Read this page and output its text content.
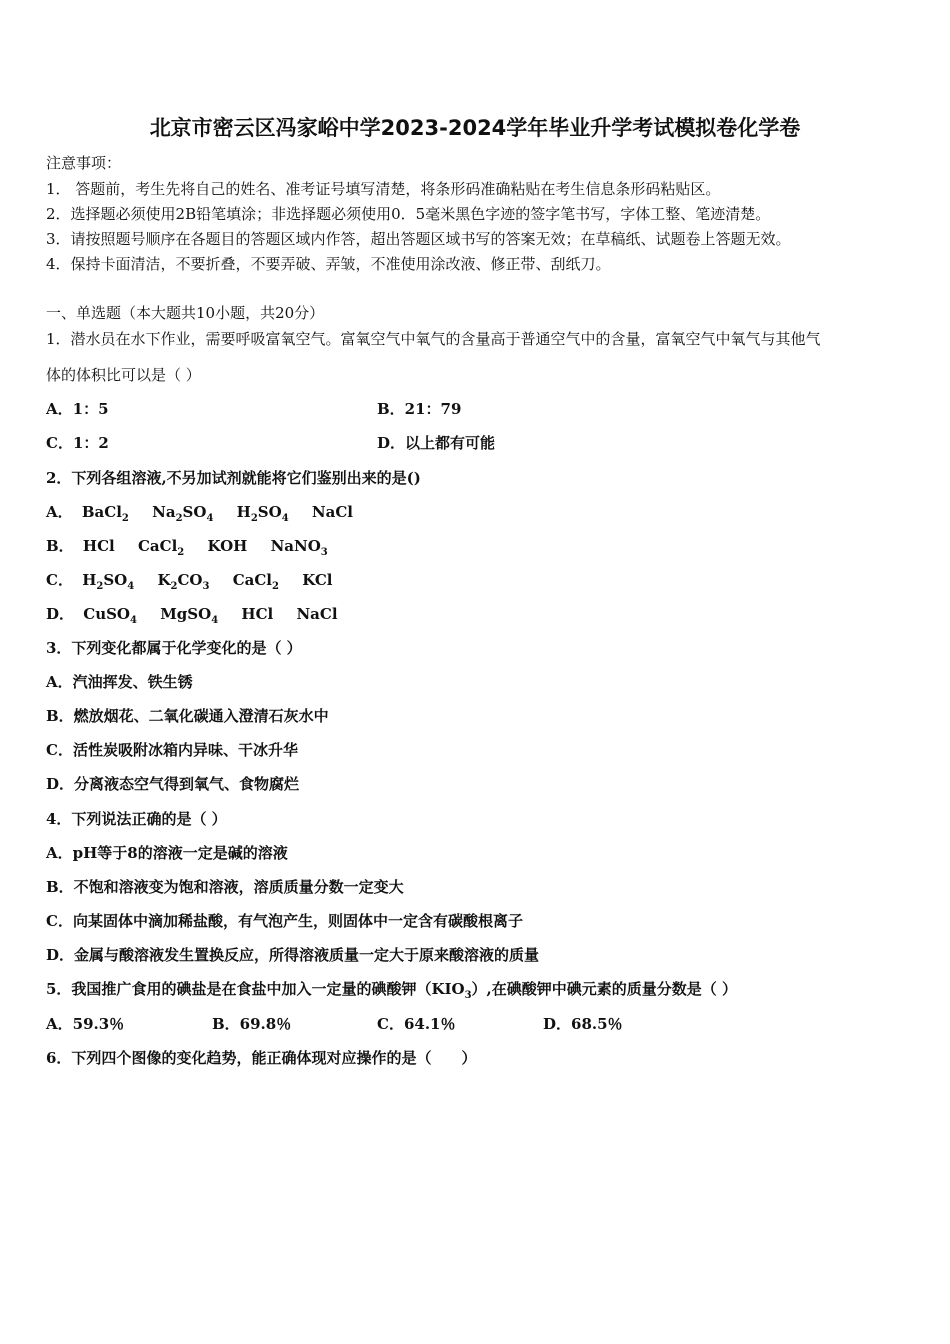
北京市密云区冯家峪中学2023-2024学年毕业升学考试模拟卷化学卷
注意事项：
1． 答题前，考生先将自己的姓名、准考证号填写清楚，将条形码准确粘贴在考生信息条形码粘贴区。
2．选择题必须使用2B铅笔填涂；非选择题必须使用0．5毫米黑色字迹的签字笔书写，字体工整、笔迹清楚。
3．请按照题号顺序在各题目的答题区域内作答，超出答题区域书写的答案无效；在草稿纸、试题卷上答题无效。
4．保持卡面清洁，不要折叠，不要弄破、弄皱，不准使用涂改液、修正带、刮纸刀。
一、单选题（本大题共10小题，共20分）
1．潜水员在水下作业，需要呼吸富氧空气。富氧空气中氧气的含量高于普通空气中的含量，富氧空气中氧气与其他气
体的体积比可以是（ ）
A．1：5	B．21：79
C．1：2	D．以上都有可能
2．下列各组溶液,不另加试剂就能将它们鉴别出来的是()
A． BaCl$_2$ $Na_2SO_4$ $H_2SO_4$ NaCl
B． HCl CaCl$_2$ KOH NaNO$_3$
C． $H_2SO_4$ $K_2CO_3$ CaCl$_2$ KCl
D． CuSO$_4$ MgSO$_4$ HCl NaCl
3．下列变化都属于化学变化的是（ ）
A．汽油挥发、铁生锈
B．燃放烟花、二氧化碳通入澄清石灰水中
C．活性炭吸附冰箱内异味、干冰升华
D．分离液态空气得到氧气、食物腐烂
4．下列说法正确的是（ ）
A．pH等于8的溶液一定是碱的溶液
B．不饱和溶液变为饱和溶液，溶质质量分数一定变大
C．向某固体中滴加稀盐酸，有气泡产生，则固体中一定含有碳酸根离子
D．金属与酸溶液发生置换反应，所得溶液质量一定大于原来酸溶液的质量
5．我国推广食用的碘盐是在食盐中加入一定量的碘酸钾$(KIO_3)$,在碘酸钾中碘元素的质量分数是（ ）
A．59.3％	B．69.8％	C．64.1％	D．68.5％
6．下列四个图像的变化趋势，能正确体现对应操作的是（　　）
